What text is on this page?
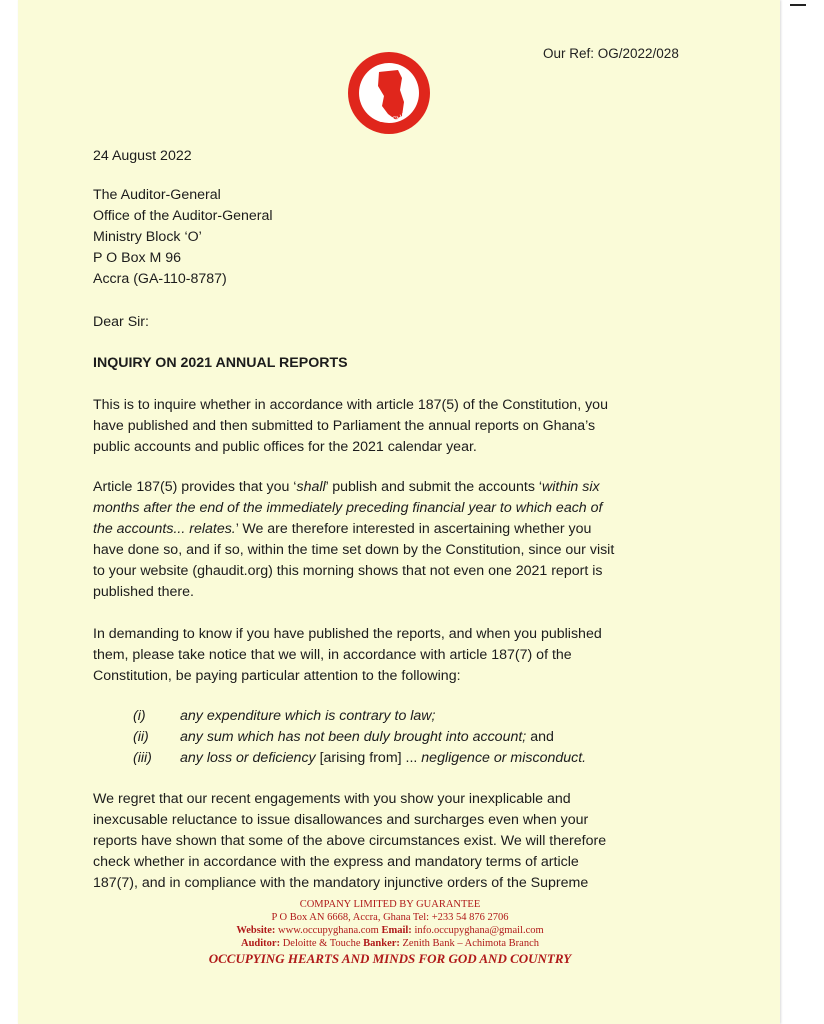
Our Ref: OG/2022/028
#OCCUPYGHANA
24 August 2022
The Auditor-General
Office of the Auditor-General
Ministry Block ‘O’
P O Box M 96
Accra (GA-110-8787)
Dear Sir:
INQUIRY ON 2021 ANNUAL REPORTS
This is to inquire whether in accordance with article 187(5) of the Constitution, you
have published and then submitted to Parliament the annual reports on Ghana’s
public accounts and public offices for the 2021 calendar year.
Article 187(5) provides that you ‘shall’ publish and submit the accounts ‘within six
months after the end of the immediately preceding financial year to which each of
the accounts... relates.’ We are therefore interested in ascertaining whether you
have done so, and if so, within the time set down by the Constitution, since our visit
to your website (ghaudit.org) this morning shows that not even one 2021 report is
published there.
In demanding to know if you have published the reports, and when you published
them, please take notice that we will, in accordance with article 187(7) of the
Constitution, be paying particular attention to the following:
(i) any expenditure which is contrary to law;
(ii) any sum which has not been duly brought into account; and
(iii) any loss or deficiency [arising from] ... negligence or misconduct.
We regret that our recent engagements with you show your inexplicable and
inexcusable reluctance to issue disallowances and surcharges even when your
reports have shown that some of the above circumstances exist. We will therefore
check whether in accordance with the express and mandatory terms of article
187(7), and in compliance with the mandatory injunctive orders of the Supreme
COMPANY LIMITED BY GUARANTEE
P O Box AN 6668, Accra, Ghana Tel: +233 54 876 2706
Website: www.occupyghana.com Email: info.occupyghana@gmail.com
Auditor: Deloitte & Touche Banker: Zenith Bank – Achimota Branch
OCCUPYING HEARTS AND MINDS FOR GOD AND COUNTRY
